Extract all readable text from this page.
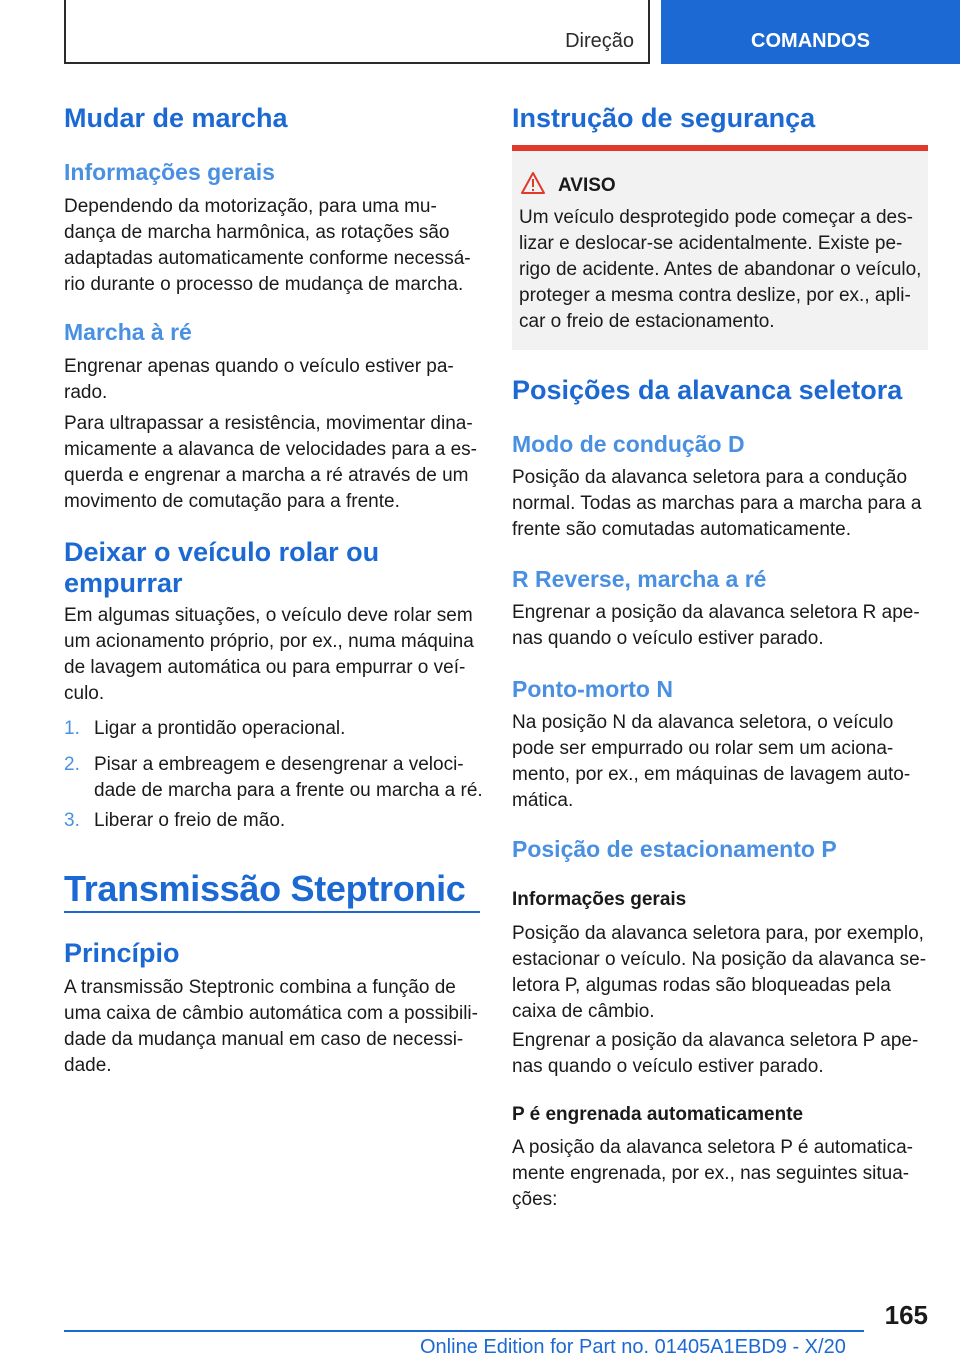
Direção	COMANDOS
Mudar de marcha
Informações gerais

Dependendo da motorização, para uma mu-dança de marcha harmônica, as rotações são adaptadas automaticamente conforme necessá-rio durante o processo de mudança de marcha.

Marcha à ré

Engrenar apenas quando o veículo estiver pa-rado.

Para ultrapassar a resistência, movimentar dina-micamente a alavanca de velocidades para a es-querda e engrenar a marcha a ré através de um movimento de comutação para a frente.

Deixar o veículo rolar ou empurrar

Em algumas situações, o veículo deve rolar sem um acionamento próprio, por ex., numa máquina de lavagem automática ou para empurrar o veí-culo.

1. Ligar a prontidão operacional.
2. Pisar a embreagem e desengrenar a veloci-dade de marcha para a frente ou marcha a ré.
3. Liberar o freio de mão.
Transmissão Steptronic
Princípio

A transmissão Steptronic combina a função de uma caixa de câmbio automática com a possibili-dade da mudança manual em caso de necessi-dade.

Instrução de segurança
AVISO

Um veículo desprotegido pode começar a des-lizar e deslocar-se acidentalmente. Existe pe-rigo de acidente. Antes de abandonar o veículo, proteger a mesma contra deslize, por ex., apli-car o freio de estacionamento.

Posições da alavanca seletora
Modo de condução D

Posição da alavanca seletora para a condução normal. Todas as marchas para a marcha para a frente são comutadas automaticamente.

R Reverse, marcha a ré

Engrenar a posição da alavanca seletora R ape-nas quando o veículo estiver parado.

Ponto-morto N

Na posição N da alavanca seletora, o veículo pode ser empurrado ou rolar sem um aciona-mento, por ex., em máquinas de lavagem auto-mática.

Posição de estacionamento P
Informações gerais

Posição da alavanca seletora para, por exemplo, estacionar o veículo. Na posição da alavanca se-letora P, algumas rodas são bloqueadas pela caixa de câmbio.

Engrenar a posição da alavanca seletora P ape-nas quando o veículo estiver parado.

P é engrenada automaticamente

A posição da alavanca seletora P é automatica-mente engrenada, por ex., nas seguintes situa-ções:

165
Online Edition for Part no. 01405A1EBD9 - X/20
